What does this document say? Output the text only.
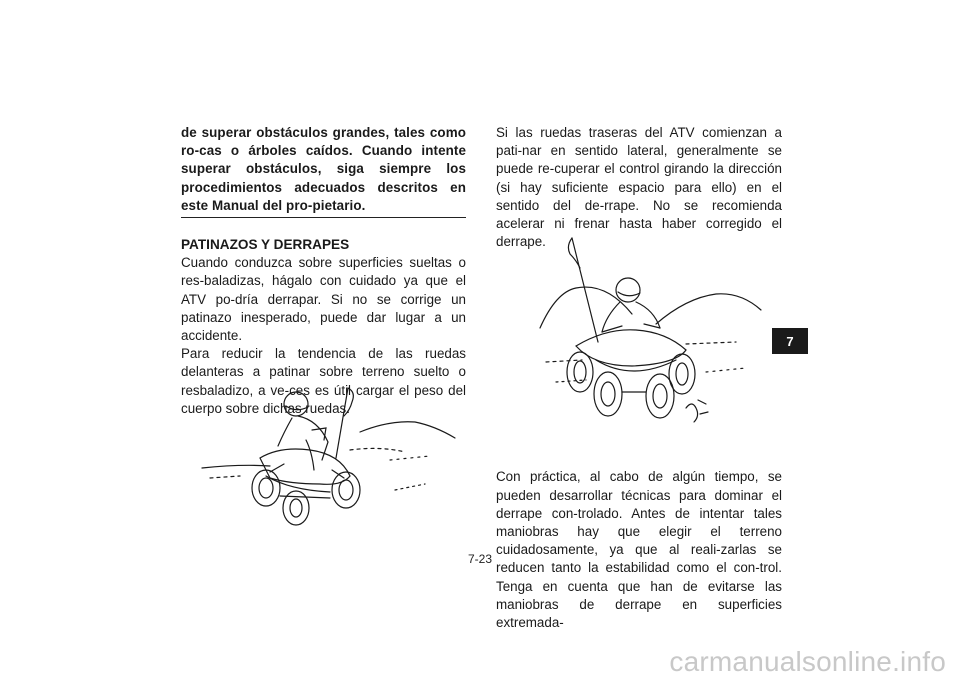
de superar obstáculos grandes, tales como ro-cas o árboles caídos. Cuando intente superar obstáculos, siga siempre los procedimientos adecuados descritos en este Manual del pro-pietario.

PATINAZOS Y DERRAPES

Cuando conduzca sobre superficies sueltas o res-baladizas, hágalo con cuidado ya que el ATV po-dría derrapar. Si no se corrige un patinazo inesperado, puede dar lugar a un accidente.

Para reducir la tendencia de las ruedas delanteras a patinar sobre terreno suelto o resbaladizo, a ve-ces es útil cargar el peso del cuerpo sobre dichas ruedas.

Si las ruedas traseras del ATV comienzan a pati-nar en sentido lateral, generalmente se puede re-cuperar el control girando la dirección (si hay suficiente espacio para ello) en el sentido del de-rrape. No se recomienda acelerar ni frenar hasta haber corregido el derrape.

Con práctica, al cabo de algún tiempo, se pueden desarrollar técnicas para dominar el derrape con-trolado. Antes de intentar tales maniobras hay que elegir el terreno cuidadosamente, ya que al reali-zarlas se reducen tanto la estabilidad como el con-trol. Tenga en cuenta que han de evitarse las maniobras de derrape en superficies extremada-

7-23
7
carmanualsonline.info
